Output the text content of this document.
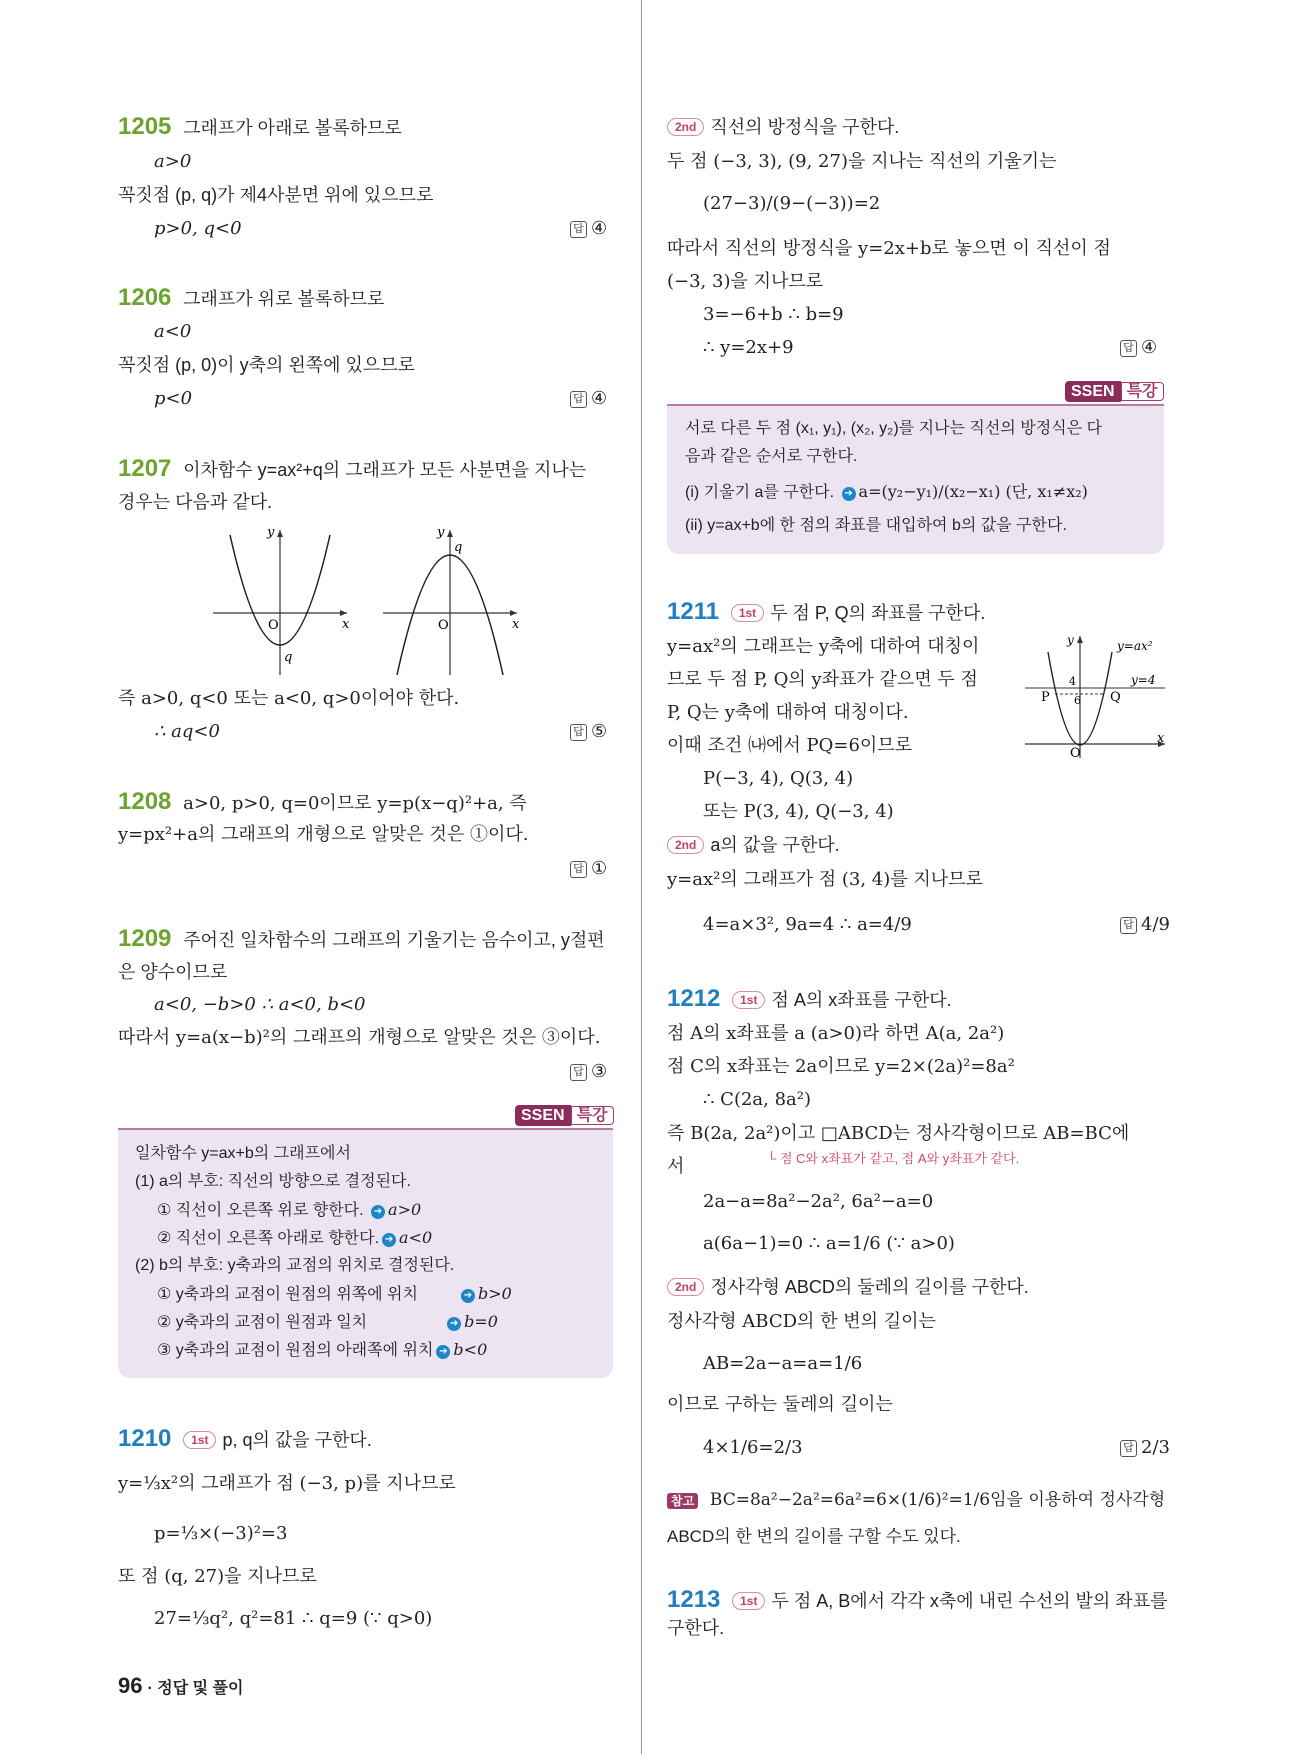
1205 그래프가 아래로 볼록하므로
a>0
꼭짓점 (p, q)가 제4사분면 위에 있으므로
p>0, q<0	답 ④
1206 그래프가 위로 볼록하므로
a<0
꼭짓점 (p, 0)이 y축의 왼쪽에 있으므로
p<0	답 ④
1207 이차함수 y=ax²+q의 그래프가 모든 사분면을 지나는
경우는 다음과 같다.
O	x
y
q
O	x
y
q
즉 a>0, q<0 또는 a<0, q>0이어야 한다.
∴ aq<0	답 ⑤
1208 a>0, p>0, q=0이므로 y=p(x−q)²+a, 즉
y=px²+a의 그래프의 개형으로 알맞은 것은 ①이다.
답 ①
1209 주어진 일차함수의 그래프의 기울기는 음수이고, y절편
은 양수이므로
a<0, −b>0 ∴ a<0, b<0
따라서 y=a(x−b)²의 그래프의 개형으로 알맞은 것은 ③이다.
답 ③
SSEN 특강
일차함수 y=ax+b의 그래프에서
(1) a의 부호: 직선의 방향으로 결정된다.
① 직선이 오른쪽 위로 향한다. ➔ a>0
② 직선이 오른쪽 아래로 향한다. ➔ a<0
(2) b의 부호: y축과의 교점의 위치로 결정된다.
① y축과의 교점이 원점의 위쪽에 위치	➔ b>0
② y축과의 교점이 원점과 일치	➔ b=0
③ y축과의 교점이 원점의 아래쪽에 위치 ➔ b<0
1210 1st p, q의 값을 구한다.
y=⅓x²의 그래프가 점 (−3, p)를 지나므로
p=⅓×(−3)²=3
또 점 (q, 27)을 지나므로
27=⅓q², q²=81 ∴ q=9 (∵ q>0)
96 · 정답 및 풀이
2nd 직선의 방정식을 구한다.
두 점 (−3, 3), (9, 27)을 지나는 직선의 기울기는
(27−3)/(9−(−3))=2
따라서 직선의 방정식을 y=2x+b로 놓으면 이 직선이 점
(−3, 3)을 지나므로
3=−6+b ∴ b=9
∴ y=2x+9	답 ④
SSEN 특강
서로 다른 두 점 (x₁, y₁), (x₂, y₂)를 지나는 직선의 방정식은 다
음과 같은 순서로 구한다.
(i) 기울기 a를 구한다. ➔ a=(y₂−y₁)/(x₂−x₁) (단, x₁≠x₂)
(ii) y=ax+b에 한 점의 좌표를 대입하여 b의 값을 구한다.
1211 1st 두 점 P, Q의 좌표를 구한다.
y=ax²의 그래프는 y축에 대하여 대칭이
므로 두 점 P, Q의 y좌표가 같으면 두 점
P, Q는 y축에 대하여 대칭이다.
이때 조건 ㈏에서 PQ=6이므로
P(−3, 4), Q(3, 4)
또는 P(3, 4), Q(−3, 4)
O
x
y	y=ax²
y=4
P	Q
4
6
2nd a의 값을 구한다.
y=ax²의 그래프가 점 (3, 4)를 지나므로
4=a×3², 9a=4 ∴ a=4/9	답 4/9
1212 1st 점 A의 x좌표를 구한다.
점 A의 x좌표를 a (a>0)라 하면 A(a, 2a²)
점 C의 x좌표는 2a이므로 y=2×(2a)²=8a²
∴ C(2a, 8a²)
즉 B(2a, 2a²)이고 □ABCD는 정사각형이므로 AB=BC에
└ 점 C와 x좌표가 같고, 점 A와 y좌표가 같다.
서
2a−a=8a²−2a², 6a²−a=0
a(6a−1)=0 ∴ a=1/6 (∵ a>0)
2nd 정사각형 ABCD의 둘레의 길이를 구한다.
정사각형 ABCD의 한 변의 길이는
AB=2a−a=a=1/6
이므로 구하는 둘레의 길이는
4×1/6=2/3	답 2/3
참고 BC=8a²−2a²=6a²=6×(1/6)²=1/6임을 이용하여 정사각형
ABCD의 한 변의 길이를 구할 수도 있다.
1213 1st 두 점 A, B에서 각각 x축에 내린 수선의 발의 좌표를
구한다.
